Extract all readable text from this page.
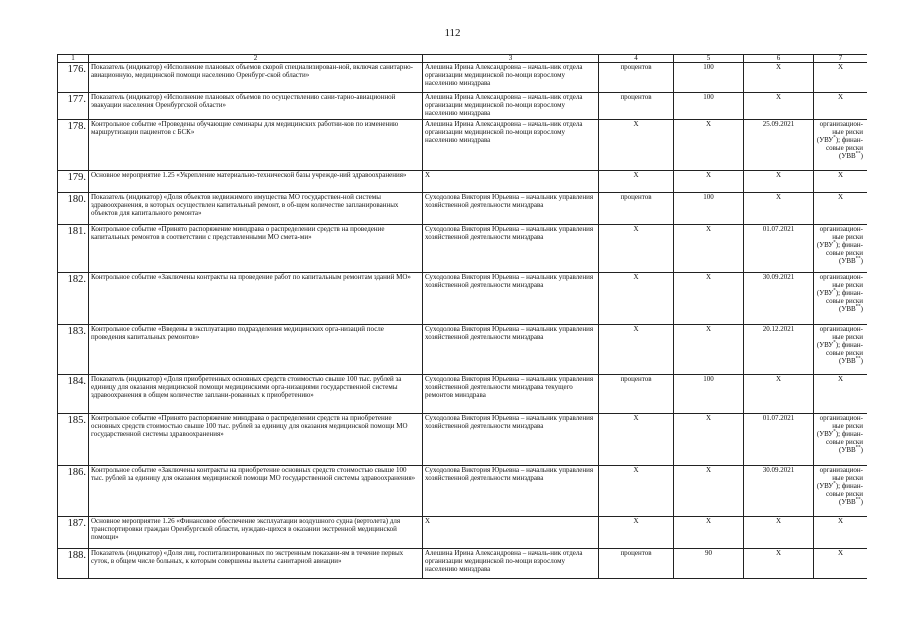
112
1	2	3	4	5	6	7
176.	Показатель (индикатор) «Исполнение плановых объемов скорой специализирован-ной, включая санитарно-авиационную, медицинской помощи населению Оренбург-ской области»	Алешина Ирина Александровна – началь-ник отдела организации медицинской по-мощи взрослому населению минздрава	процентов	100	X	X
177.	Показатель (индикатор) «Исполнение плановых объемов по осуществлению сани-тарно-авиационной эвакуации населения Оренбургской области»	Алешина Ирина Александровна – началь-ник отдела организации медицинской по-мощи взрослому населению минздрава	процентов	100	X	X
178.	Контрольное событие «Проведены обучающие семинары для медицинских работни-ков по изменению маршрутизации пациентов с БСК»	Алешина Ирина Александровна – началь-ник отдела организации медицинской по-мощи взрослому населению минздрава	X	X	25.09.2021	организацион-ные риски (УВУ*); финан-совые риски (УВВ**)
179.	Основное мероприятие 1.25 «Укрепление материально-технической базы учрежде-ний здравоохранения»	X	X	X	X	X
180.	Показатель (индикатор) «Доля объектов недвижимого имущества МО государствен-ной системы здравоохранения, в которых осуществлен капитальный ремонт, в об-щем количестве запланированных объектов для капитального ремонта»	Суходолова Виктория Юрьевна – начальник управления хозяйственной деятельности минздрава	процентов	100	X	X
181.	Контрольное событие «Принято распоряжение минздрава о распределении средств на проведение капитальных ремонтов в соответствии с представленными МО смета-ми»	Суходолова Виктория Юрьевна – начальник управления хозяйственной деятельности минздрава	X	X	01.07.2021	организацион-ные риски (УВУ*); финан-совые риски (УВВ**)
182.	Контрольное событие «Заключены контракты на проведение работ по капитальным ремонтам зданий МО»	Суходолова Виктория Юрьевна – начальник управления хозяйственной деятельности минздрава	X	X	30.09.2021	организацион-ные риски (УВУ*); финан-совые риски (УВВ**)
183.	Контрольное событие «Введены в эксплуатацию подразделения медицинских орга-низаций после проведения капитальных ремонтов»	Суходолова Виктория Юрьевна – начальник управления хозяйственной деятельности минздрава	X	X	20.12.2021	организацион-ные риски (УВУ*); финан-совые риски (УВВ**)
184.	Показатель (индикатор) «Доля приобретенных основных средств стоимостью свыше 100 тыс. рублей за единицу для оказания медицинской помощи медицинскими орга-низациями государственной системы здравоохранения в общем количестве заплани-рованных к приобретению»	Суходолова Виктория Юрьевна – начальник управления хозяйственной деятельности минздрава текущего ремонтов минздрава	процентов	100	X	X
185.	Контрольное событие «Принято распоряжение минздрава о распределении средств на приобретение основных средств стоимостью свыше 100 тыс. рублей за единицу для оказания медицинской помощи МО государственной системы здравоохранения»	Суходолова Виктория Юрьевна – начальник управления хозяйственной деятельности минздрава	X	X	01.07.2021	организацион-ные риски (УВУ*); финан-совые риски (УВВ**)
186.	Контрольное событие «Заключены контракты на приобретение основных средств стоимостью свыше 100 тыс. рублей за единицу для оказания медицинской помощи МО государственной системы здравоохранения»	Суходолова Виктория Юрьевна – начальник управления хозяйственной деятельности минздрава	X	X	30.09.2021	организацион-ные риски (УВУ*); финан-совые риски (УВВ**)
187.	Основное мероприятие 1.26 «Финансовое обеспечение эксплуатации воздушного судна (вертолета) для транспортировки граждан Оренбургской области, нуждаю-щихся в оказании экстренной медицинской помощи»	X	X	X	X	X
188.	Показатель (индикатор) «Доля лиц, госпитализированных по экстренным показани-ям в течение первых суток, в общем числе больных, к которым совершены вылеты санитарной авиации»	Алешина Ирина Александровна – началь-ник отдела организации медицинской по-мощи взрослому населению минздрава	процентов	90	X	X
